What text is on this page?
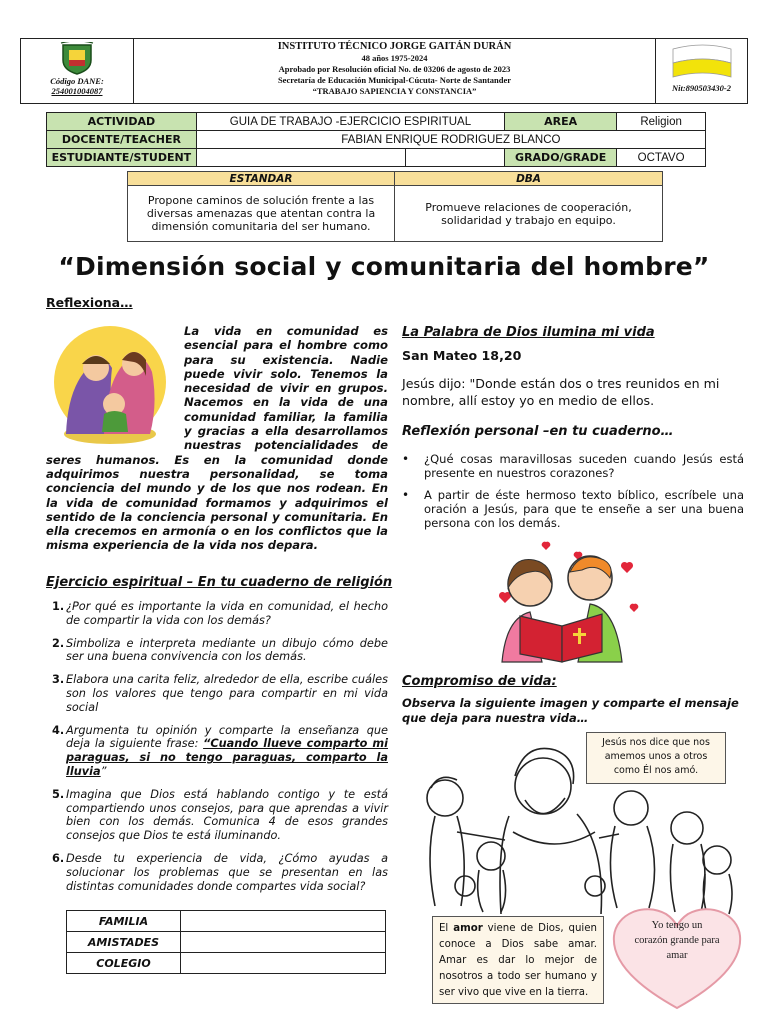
Código DANE:
254001004087
INSTITUTO TÉCNICO JORGE GAITÁN DURÁN
48 años 1975-2024
Aprobado por Resolución oficial No. de 03206 de agosto de 2023
Secretaría de Educación Municipal-Cúcuta- Norte de Santander
“TRABAJO SAPIENCIA Y CONSTANCIA”	Nit:890503430-2
ACTIVIDAD	GUIA DE TRABAJO -EJERCICIO ESPIRITUAL		AREA	Religion
DOCENTE/TEACHER	FABIAN ENRIQUE RODRIGUEZ BLANCO			
ESTUDIANTE/STUDENT			GRADO/GRADE	OCTAVO
ESTANDAR	DBA
Propone caminos de solución frente a las diversas amenazas que atentan contra la dimensión comunitaria del ser humano.	Promueve relaciones de cooperación, solidaridad y trabajo en equipo.
“Dimensión social y comunitaria del hombre”
Reflexiona…
La vida en comunidad es esencial para el hombre como para su existencia. Nadie puede vivir solo. Tenemos la necesidad de vivir en grupos. Nacemos en la vida de una comunidad familiar, la familia y gracias a ella desarrollamos nuestras potencialidades de seres humanos. Es en la comunidad donde adquirimos nuestra personalidad, se toma conciencia del mundo y de los que nos rodean. En la vida de comunidad formamos y adquirimos el sentido de la conciencia personal y comunitaria. En ella crecemos en armonía o en los conflictos que la misma experiencia de la vida nos depara.
Ejercicio espiritual – En tu cuaderno de religión
1. ¿Por qué es importante la vida en comunidad, el hecho de compartir la vida con los demás?
2. Simboliza e interpreta mediante un dibujo cómo debe ser una buena convivencia con los demás.
3. Elabora una carita feliz, alrededor de ella, escribe cuáles son los valores que tengo para compartir en mi vida social
4. Argumenta tu opinión y comparte la enseñanza que deja la siguiente frase: “Cuando llueve comparto mi paraguas, si no tengo paraguas, comparto la lluvia”
5. Imagina que Dios está hablando contigo y te está compartiendo unos consejos, para que aprendas a vivir bien con los demás. Comunica 4 de esos grandes consejos que Dios te está iluminando.
6. Desde tu experiencia de vida, ¿Cómo ayudas a solucionar los problemas que se presentan en las distintas comunidades donde compartes vida social?
FAMILIA	
AMISTADES	
COLEGIO	
La Palabra de Dios ilumina mi vida
San Mateo 18,20
Jesús dijo: "Donde están dos o tres reunidos en mi nombre, allí estoy yo en medio de ellos.
Reflexión personal –en tu cuaderno…
•	¿Qué cosas maravillosas suceden cuando Jesús está presente en nuestros corazones?
•	A partir de éste hermoso texto bíblico, escríbele una oración a Jesús, para que te enseñe a ser una buena persona con los demás.
Compromiso de vida:
Observa la siguiente imagen y comparte el mensaje que deja para nuestra vida…
Jesús nos dice que nos amemos unos a otros como Él nos amó.
El amor viene de Dios, quien conoce a Dios sabe amar. Amar es dar lo mejor de nosotros a todo ser humano y ser vivo que vive en la tierra.
Yo tengo un corazón grande para amar
